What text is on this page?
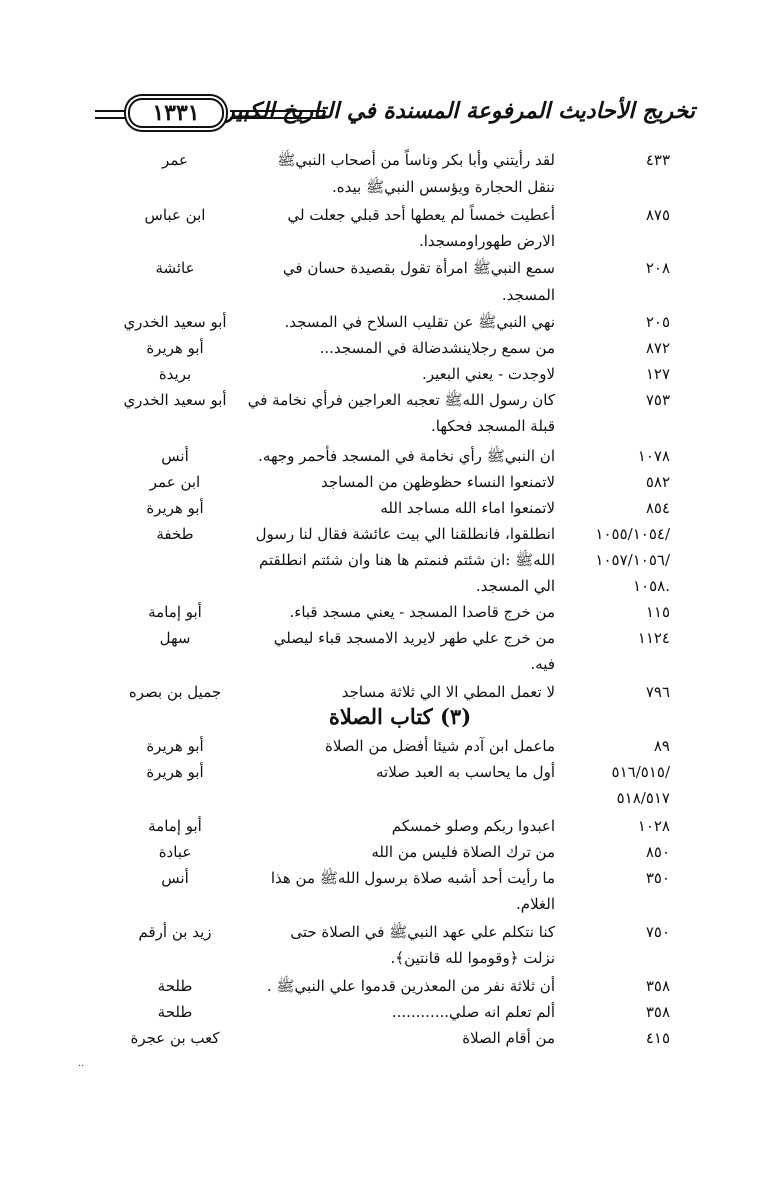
تخريج الأحاديث المرفوعة المسندة في التاريخ الكبير
١٣٣١
٤٣٣
لقد رأيتني وأبا بكر وناساً من أصحاب النبيﷺ
عمر
ننقل الحجارة ويؤسس النبيﷺ بيده.
٨٧٥
أعطيت خمساً لم يعطها أحد قبلي جعلت لي
ابن عباس
الارض طهوراومسجدا.
٢٠٨
سمع النبيﷺ امرأة تقول بقصيدة حسان في
عائشة
المسجد.
٢٠٥
نهي النبيﷺ عن تقليب السلاح في المسجد.
أبو سعيد الخدري
٨٧٢
من سمع رجلاينشدضالة في المسجد...
أبو هريرة
١٢٧
لاوجدت - يعني البعير.
بريدة
٧٥٣
كان رسول اللهﷺ تعجبه العراجين فرأي نخامة في
أبو سعيد الخدري
قبلة المسجد فحكها.
١٠٧٨
ان النبيﷺ رأي نخامة في المسجد فأحمر وجهه.
أنس
٥٨٢
لاتمنعوا النساء حظوظهن من المساجد
ابن عمر
٨٥٤
لاتمنعوا اماء الله مساجد الله
أبو هريرة
/١٠٥٥/١٠٥٤
انطلقوا، فانطلقنا الي بيت عائشة فقال لنا رسول
طخفة
/١٠٥٧/١٠٥٦
اللهﷺ :ان شئتم فنمتم ها هنا وان شئتم انطلقتم
.١٠٥٨
الي المسجد.
١١٥
من خرج قاصدا المسجد - يعني مسجد قباء.
أبو إمامة
١١٢٤
من خرج علي طهر لايريد الامسجد قباء ليصلي
سهل
فيه.
٧٩٦
لا تعمل المطي الا الي ثلاثة مساجد
جميل بن بصره
(٣) كتاب الصلاة
٨٩
ماعمل ابن آدم شيئا أفضل من الصلاة
أبو هريرة
/٥١٦/٥١٥
أول ما يحاسب به العبد صلاته
أبو هريرة
٥١٨/٥١٧
١٠٢٨
اعبدوا ربكم وصلو خمسكم
أبو إمامة
٨٥٠
من ترك الصلاة فليس من الله
عبادة
٣٥٠
ما رأيت أحد أشبه صلاة برسول اللهﷺ من هذا
أنس
الغلام.
٧٥٠
كنا نتكلم علي عهد النبيﷺ في الصلاة حتى
زيد بن أرقم
نزلت ﴿وقوموا لله قانتين﴾.
٣٥٨
أن ثلاثة نفر من المعذرين قدموا علي النبيﷺ .
طلحة
٣٥٨
ألم تعلم انه صلي............
طلحة
٤١٥
من أقام الصلاة
كعب بن عجرة
..
